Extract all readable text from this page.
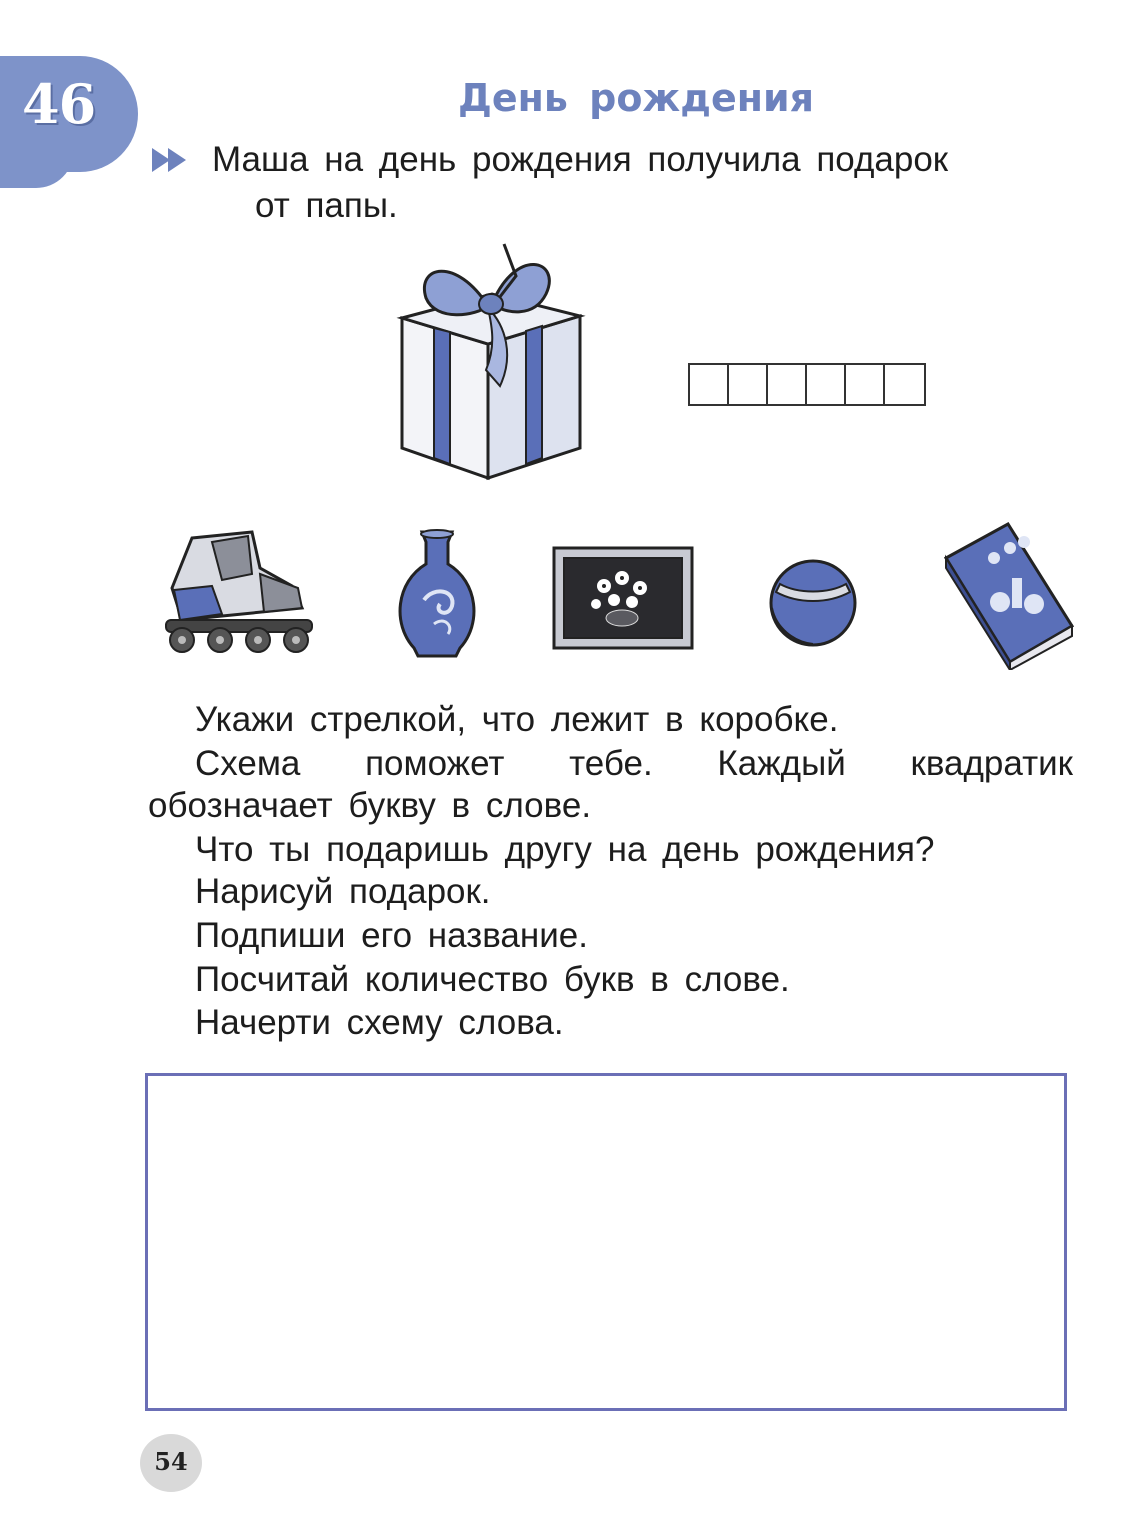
46	День рождения
Маша на день рождения получила подарок
от папы.
Укажи стрелкой, что лежит в коробке.
Схема поможет тебе. Каждый квадратик
обозначает букву в слове.
Что ты подаришь другу на день рождения?
Нарисуй подарок.
Подпиши его название.
Посчитай количество букв в слове.
Начерти схему слова.
54
